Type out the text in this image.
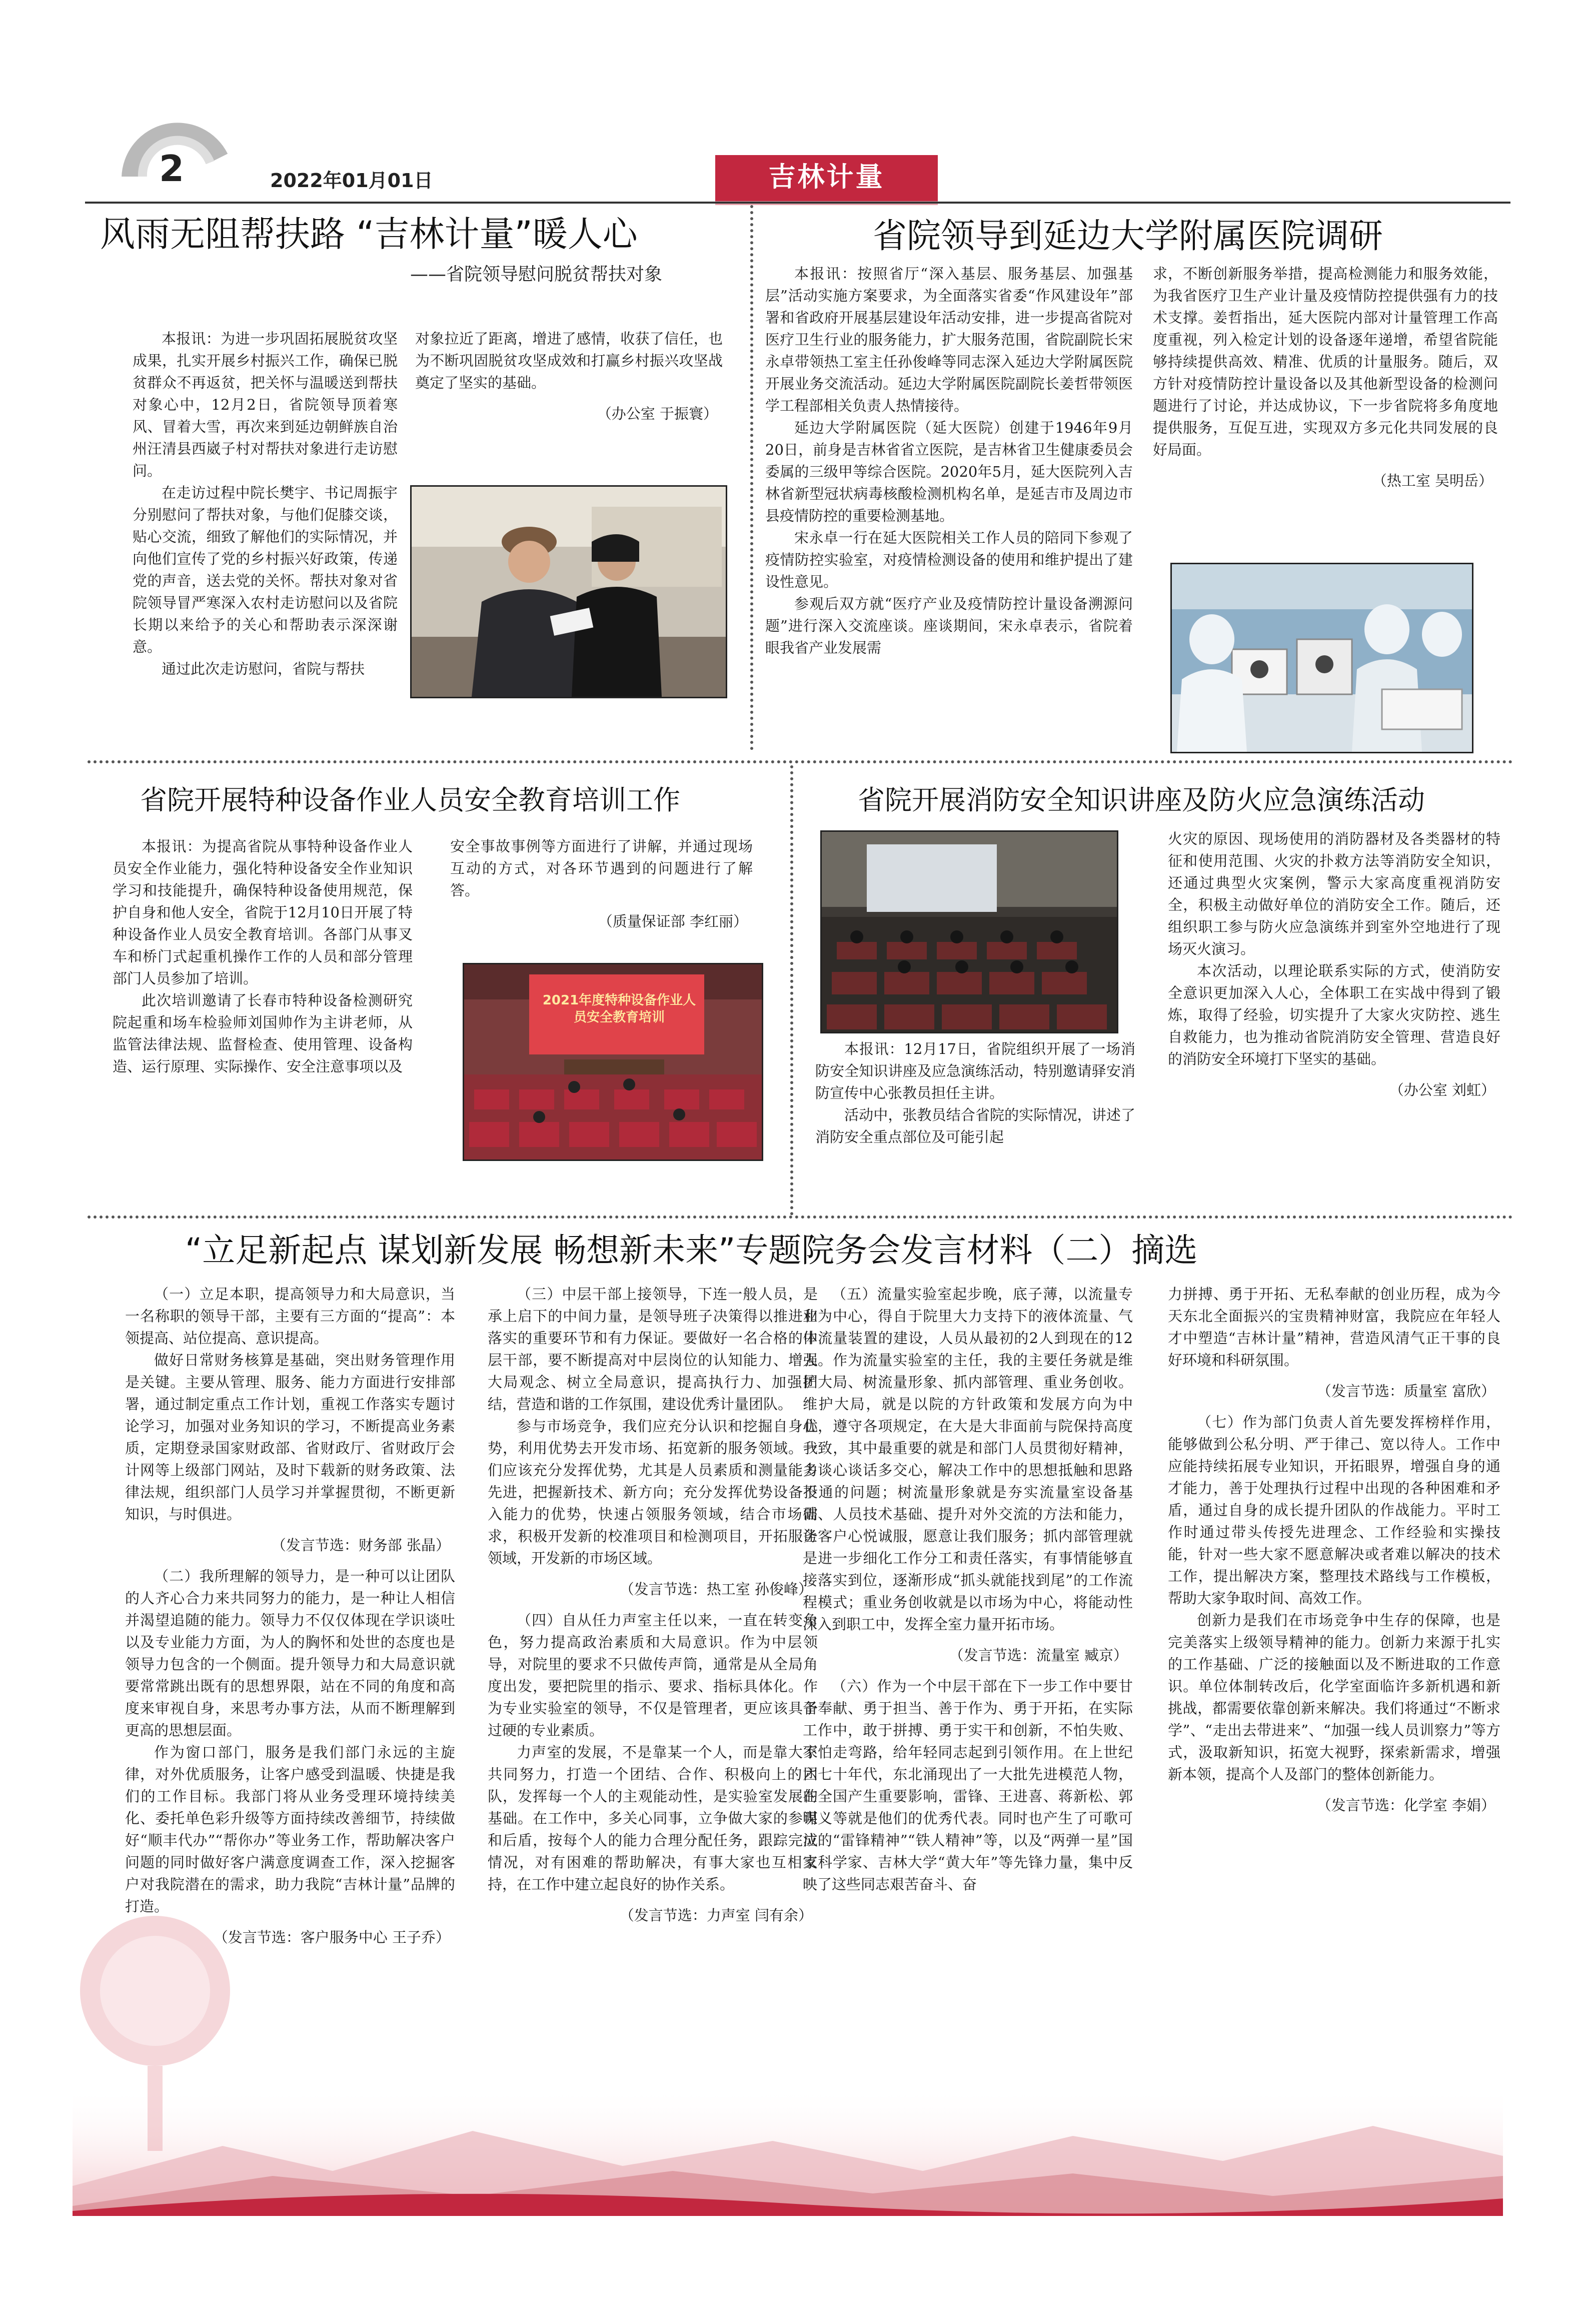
2	2022年01月01日	吉林计量
风雨无阻帮扶路 “吉林计量”暖人心
——省院领导慰问脱贫帮扶对象

本报讯：为进一步巩固拓展脱贫攻坚成果，扎实开展乡村振兴工作，确保已脱贫群众不再返贫，把关怀与温暖送到帮扶对象心中，12月2日，省院领导顶着寒风、冒着大雪，再次来到延边朝鲜族自治州汪清县西崴子村对帮扶对象进行走访慰问。

在走访过程中院长樊宇、书记周振宇分别慰问了帮扶对象，与他们促膝交谈，贴心交流，细致了解他们的实际情况，并向他们宣传了党的乡村振兴好政策，传递党的声音，送去党的关怀。帮扶对象对省院领导冒严寒深入农村走访慰问以及省院长期以来给予的关心和帮助表示深深谢意。

通过此次走访慰问，省院与帮扶

对象拉近了距离，增进了感情，收获了信任，也为不断巩固脱贫攻坚成效和打赢乡村振兴攻坚战奠定了坚实的基础。

（办公室 于振寰）

省院领导到延边大学附属医院调研

本报讯：按照省厅“深入基层、服务基层、加强基层”活动实施方案要求，为全面落实省委“作风建设年”部署和省政府开展基层建设年活动安排，进一步提高省院对医疗卫生行业的服务能力，扩大服务范围，省院副院长宋永卓带领热工室主任孙俊峰等同志深入延边大学附属医院开展业务交流活动。延边大学附属医院副院长姜哲带领医学工程部相关负责人热情接待。

延边大学附属医院（延大医院）创建于1946年9月20日，前身是吉林省省立医院，是吉林省卫生健康委员会委属的三级甲等综合医院。2020年5月，延大医院列入吉林省新型冠状病毒核酸检测机构名单，是延吉市及周边市县疫情防控的重要检测基地。

宋永卓一行在延大医院相关工作人员的陪同下参观了疫情防控实验室，对疫情检测设备的使用和维护提出了建设性意见。

参观后双方就“医疗产业及疫情防控计量设备溯源问题”进行深入交流座谈。座谈期间，宋永卓表示，省院着眼我省产业发展需

求，不断创新服务举措，提高检测能力和服务效能，为我省医疗卫生产业计量及疫情防控提供强有力的技术支撑。姜哲指出，延大医院内部对计量管理工作高度重视，列入检定计划的设备逐年递增，希望省院能够持续提供高效、精准、优质的计量服务。随后，双方针对疫情防控计量设备以及其他新型设备的检测问题进行了讨论，并达成协议，下一步省院将多角度地提供服务，互促互进，实现双方多元化共同发展的良好局面。

（热工室 吴明岳）

省院开展特种设备作业人员安全教育培训工作

本报讯：为提高省院从事特种设备作业人员安全作业能力，强化特种设备安全作业知识学习和技能提升，确保特种设备使用规范，保护自身和他人安全，省院于12月10日开展了特种设备作业人员安全教育培训。各部门从事叉车和桥门式起重机操作工作的人员和部分管理部门人员参加了培训。

此次培训邀请了长春市特种设备检测研究院起重和场车检验师刘国帅作为主讲老师，从监管法律法规、监督检查、使用管理、设备构造、运行原理、实际操作、安全注意事项以及

安全事故事例等方面进行了讲解，并通过现场互动的方式，对各环节遇到的问题进行了解答。

（质量保证部 李红丽）

2021年度特种设备作业人
员安全教育培训
省院开展消防安全知识讲座及防火应急演练活动

本报讯：12月17日，省院组织开展了一场消防安全知识讲座及应急演练活动，特别邀请驿安消防宣传中心张教员担任主讲。

活动中，张教员结合省院的实际情况，讲述了消防安全重点部位及可能引起

火灾的原因、现场使用的消防器材及各类器材的特征和使用范围、火灾的扑救方法等消防安全知识，还通过典型火灾案例，警示大家高度重视消防安全，积极主动做好单位的消防安全工作。随后，还组织职工参与防火应急演练并到室外空地进行了现场灭火演习。

本次活动，以理论联系实际的方式，使消防安全意识更加深入人心，全体职工在实战中得到了锻炼，取得了经验，切实提升了大家火灾防控、逃生自救能力，也为推动省院消防安全管理、营造良好的消防安全环境打下坚实的基础。

（办公室 刘虹）

“立足新起点 谋划新发展 畅想新未来”专题院务会发言材料（二）摘选

（一）立足本职，提高领导力和大局意识，当一名称职的领导干部，主要有三方面的“提高”：本领提高、站位提高、意识提高。

做好日常财务核算是基础，突出财务管理作用是关键。主要从管理、服务、能力方面进行安排部署，通过制定重点工作计划，重视工作落实专题讨论学习，加强对业务知识的学习，不断提高业务素质，定期登录国家财政部、省财政厅、省财政厅会计网等上级部门网站，及时下载新的财务政策、法律法规，组织部门人员学习并掌握贯彻，不断更新知识，与时俱进。

（发言节选：财务部 张晶）

（二）我所理解的领导力，是一种可以让团队的人齐心合力来共同努力的能力，是一种让人相信并渴望追随的能力。领导力不仅仅体现在学识谈吐以及专业能力方面，为人的胸怀和处世的态度也是领导力包含的一个侧面。提升领导力和大局意识就要常常跳出既有的思想界限，站在不同的角度和高度来审视自身，来思考办事方法，从而不断理解到更高的思想层面。

作为窗口部门，服务是我们部门永远的主旋律，对外优质服务，让客户感受到温暖、快捷是我们的工作目标。我部门将从业务受理环境持续美化、委托单色彩升级等方面持续改善细节，持续做好“顺丰代办”“帮你办”等业务工作，帮助解决客户问题的同时做好客户满意度调查工作，深入挖掘客户对我院潜在的需求，助力我院“吉林计量”品牌的打造。

（发言节选：客户服务中心 王子乔）

（三）中层干部上接领导，下连一般人员，是承上启下的中间力量，是领导班子决策得以推进和落实的重要环节和有力保证。要做好一名合格的中层干部，要不断提高对中层岗位的认知能力、增强大局观念、树立全局意识，提高执行力、加强团结，营造和谐的工作氛围，建设优秀计量团队。

参与市场竞争，我们应充分认识和挖掘自身优势，利用优势去开发市场、拓宽新的服务领域。我们应该充分发挥优势，尤其是人员素质和测量能力先进，把握新技术、新方向；充分发挥优势设备投入能力的优势，快速占领服务领域，结合市场需求，积极开发新的校准项目和检测项目，开拓服务领域，开发新的市场区域。

（发言节选：热工室 孙俊峰）

（四）自从任力声室主任以来，一直在转变角色，努力提高政治素质和大局意识。作为中层领导，对院里的要求不只做传声筒，通常是从全局角度出发，要把院里的指示、要求、指标具体化。作为专业实验室的领导，不仅是管理者，更应该具备过硬的专业素质。

力声室的发展，不是靠某一个人，而是靠大家共同努力，打造一个团结、合作、积极向上的团队，发挥每一个人的主观能动性，是实验室发展的基础。在工作中，多关心同事，立争做大家的参谋和后盾，按每个人的能力合理分配任务，跟踪完成情况，对有困难的帮助解决，有事大家也互相支持，在工作中建立起良好的协作关系。

（发言节选：力声室 闫有余）

（五）流量实验室起步晚，底子薄，以流量专业为中心，得自于院里大力支持下的液体流量、气体流量装置的建设，人员从最初的2人到现在的12人。作为流量实验室的主任，我的主要任务就是维护大局、树流量形象、抓内部管理、重业务创收。维护大局，就是以院的方针政策和发展方向为中心，遵守各项规定，在大是大非面前与院保持高度一致，其中最重要的就是和部门人员贯彻好精神，多谈心谈话多交心，解决工作中的思想抵触和思路不通的问题；树流量形象就是夯实流量室设备基础、人员技术基础、提升对外交流的方法和能力，让客户心悦诚服，愿意让我们服务；抓内部管理就是进一步细化工作分工和责任落实，有事情能够直接落实到位，逐渐形成“抓头就能找到尾”的工作流程模式；重业务创收就是以市场为中心，将能动性深入到职工中，发挥全室力量开拓市场。

（发言节选：流量室 臧京）

（六）作为一个中层干部在下一步工作中要甘于奉献、勇于担当、善于作为、勇于开拓，在实际工作中，敢于拼搏、勇于实干和创新，不怕失败、不怕走弯路，给年轻同志起到引领作用。在上世纪六七十年代，东北涌现出了一大批先进模范人物，在全国产生重要影响，雷锋、王进喜、蒋新松、郭明义等就是他们的优秀代表。同时也产生了可歌可泣的“雷锋精神”“铁人精神”等，以及“两弹一星”国家科学家、吉林大学“黄大年”等先锋力量，集中反映了这些同志艰苦奋斗、奋

力拼搏、勇于开拓、无私奉献的创业历程，成为今天东北全面振兴的宝贵精神财富，我院应在年轻人才中塑造“吉林计量”精神，营造风清气正干事的良好环境和科研氛围。

（发言节选：质量室 富欣）

（七）作为部门负责人首先要发挥榜样作用，能够做到公私分明、严于律己、宽以待人。工作中应能持续拓展专业知识，开拓眼界，增强自身的通才能力，善于处理执行过程中出现的各种困难和矛盾，通过自身的成长提升团队的作战能力。平时工作时通过带头传授先进理念、工作经验和实操技能，针对一些大家不愿意解决或者难以解决的技术工作，提出解决方案，整理技术路线与工作模板，帮助大家争取时间、高效工作。

创新力是我们在市场竞争中生存的保障，也是完美落实上级领导精神的能力。创新力来源于扎实的工作基础、广泛的接触面以及不断进取的工作意识。单位体制转改后，化学室面临许多新机遇和新挑战，都需要依靠创新来解决。我们将通过“不断求学”、“走出去带进来”、“加强一线人员训察力”等方式，汲取新知识，拓宽大视野，探索新需求，增强新本领，提高个人及部门的整体创新能力。

（发言节选：化学室 李娟）
